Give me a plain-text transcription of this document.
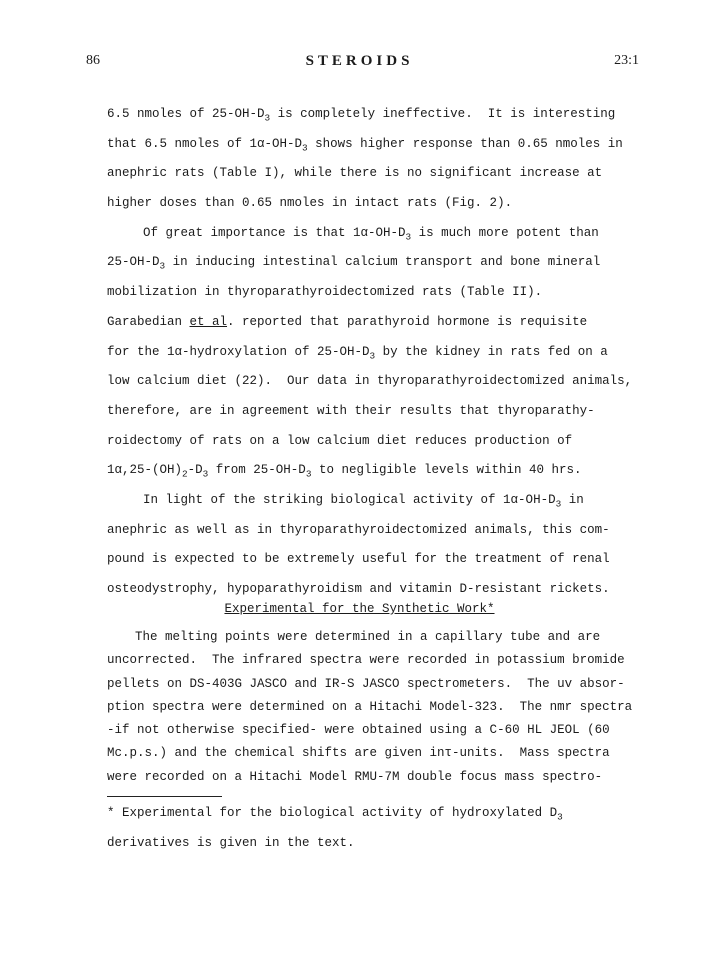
86	STEROIDS	23:1
6.5 nmoles of $25-OH-D_3$ is completely ineffective.  It is interesting
that 6.5 nmoles of $1\alpha-OH-D_3$ shows higher response than 0.65 nmoles in
anephric rats (Table I), while there is no significant increase at
higher doses than 0.65 nmoles in intact rats (Fig. 2).
Of great importance is that $1\alpha-OH-D_3$ is much more potent than
$25-OH-D_3$ in inducing intestinal calcium transport and bone mineral
mobilization in thyroparathyroidectomized rats (Table II).
Garabedian et al. reported that parathyroid hormone is requisite
for the 1α-hydroxylation of $25-OH-D_3$ by the kidney in rats fed on a
low calcium diet (22).  Our data in thyroparathyroidectomized animals,
therefore, are in agreement with their results that thyroparathy-
roidectomy of rats on a low calcium diet reduces production of
$1\alpha,25-(OH)_2-D_3$ from $25-OH-D_3$ to negligible levels within 40 hrs.
In light of the striking biological activity of $1\alpha-OH-D_3$ in
anephric as well as in thyroparathyroidectomized animals, this com-
pound is expected to be extremely useful for the treatment of renal
osteodystrophy, hypoparathyroidism and vitamin D-resistant rickets.
Experimental for the Synthetic Work*
The melting points were determined in a capillary tube and are
uncorrected.  The infrared spectra were recorded in potassium bromide
pellets on DS-403G JASCO and IR-S JASCO spectrometers.  The uv absor-
ption spectra were determined on a Hitachi Model-323.  The nmr spectra
-if not otherwise specified- were obtained using a C-60 HL JEOL (60
Mc.p.s.) and the chemical shifts are given inτ-units.  Mass spectra
were recorded on a Hitachi Model RMU-7M double focus mass spectro-
* Experimental for the biological activity of hydroxylated $D_3$
derivatives is given in the text.
